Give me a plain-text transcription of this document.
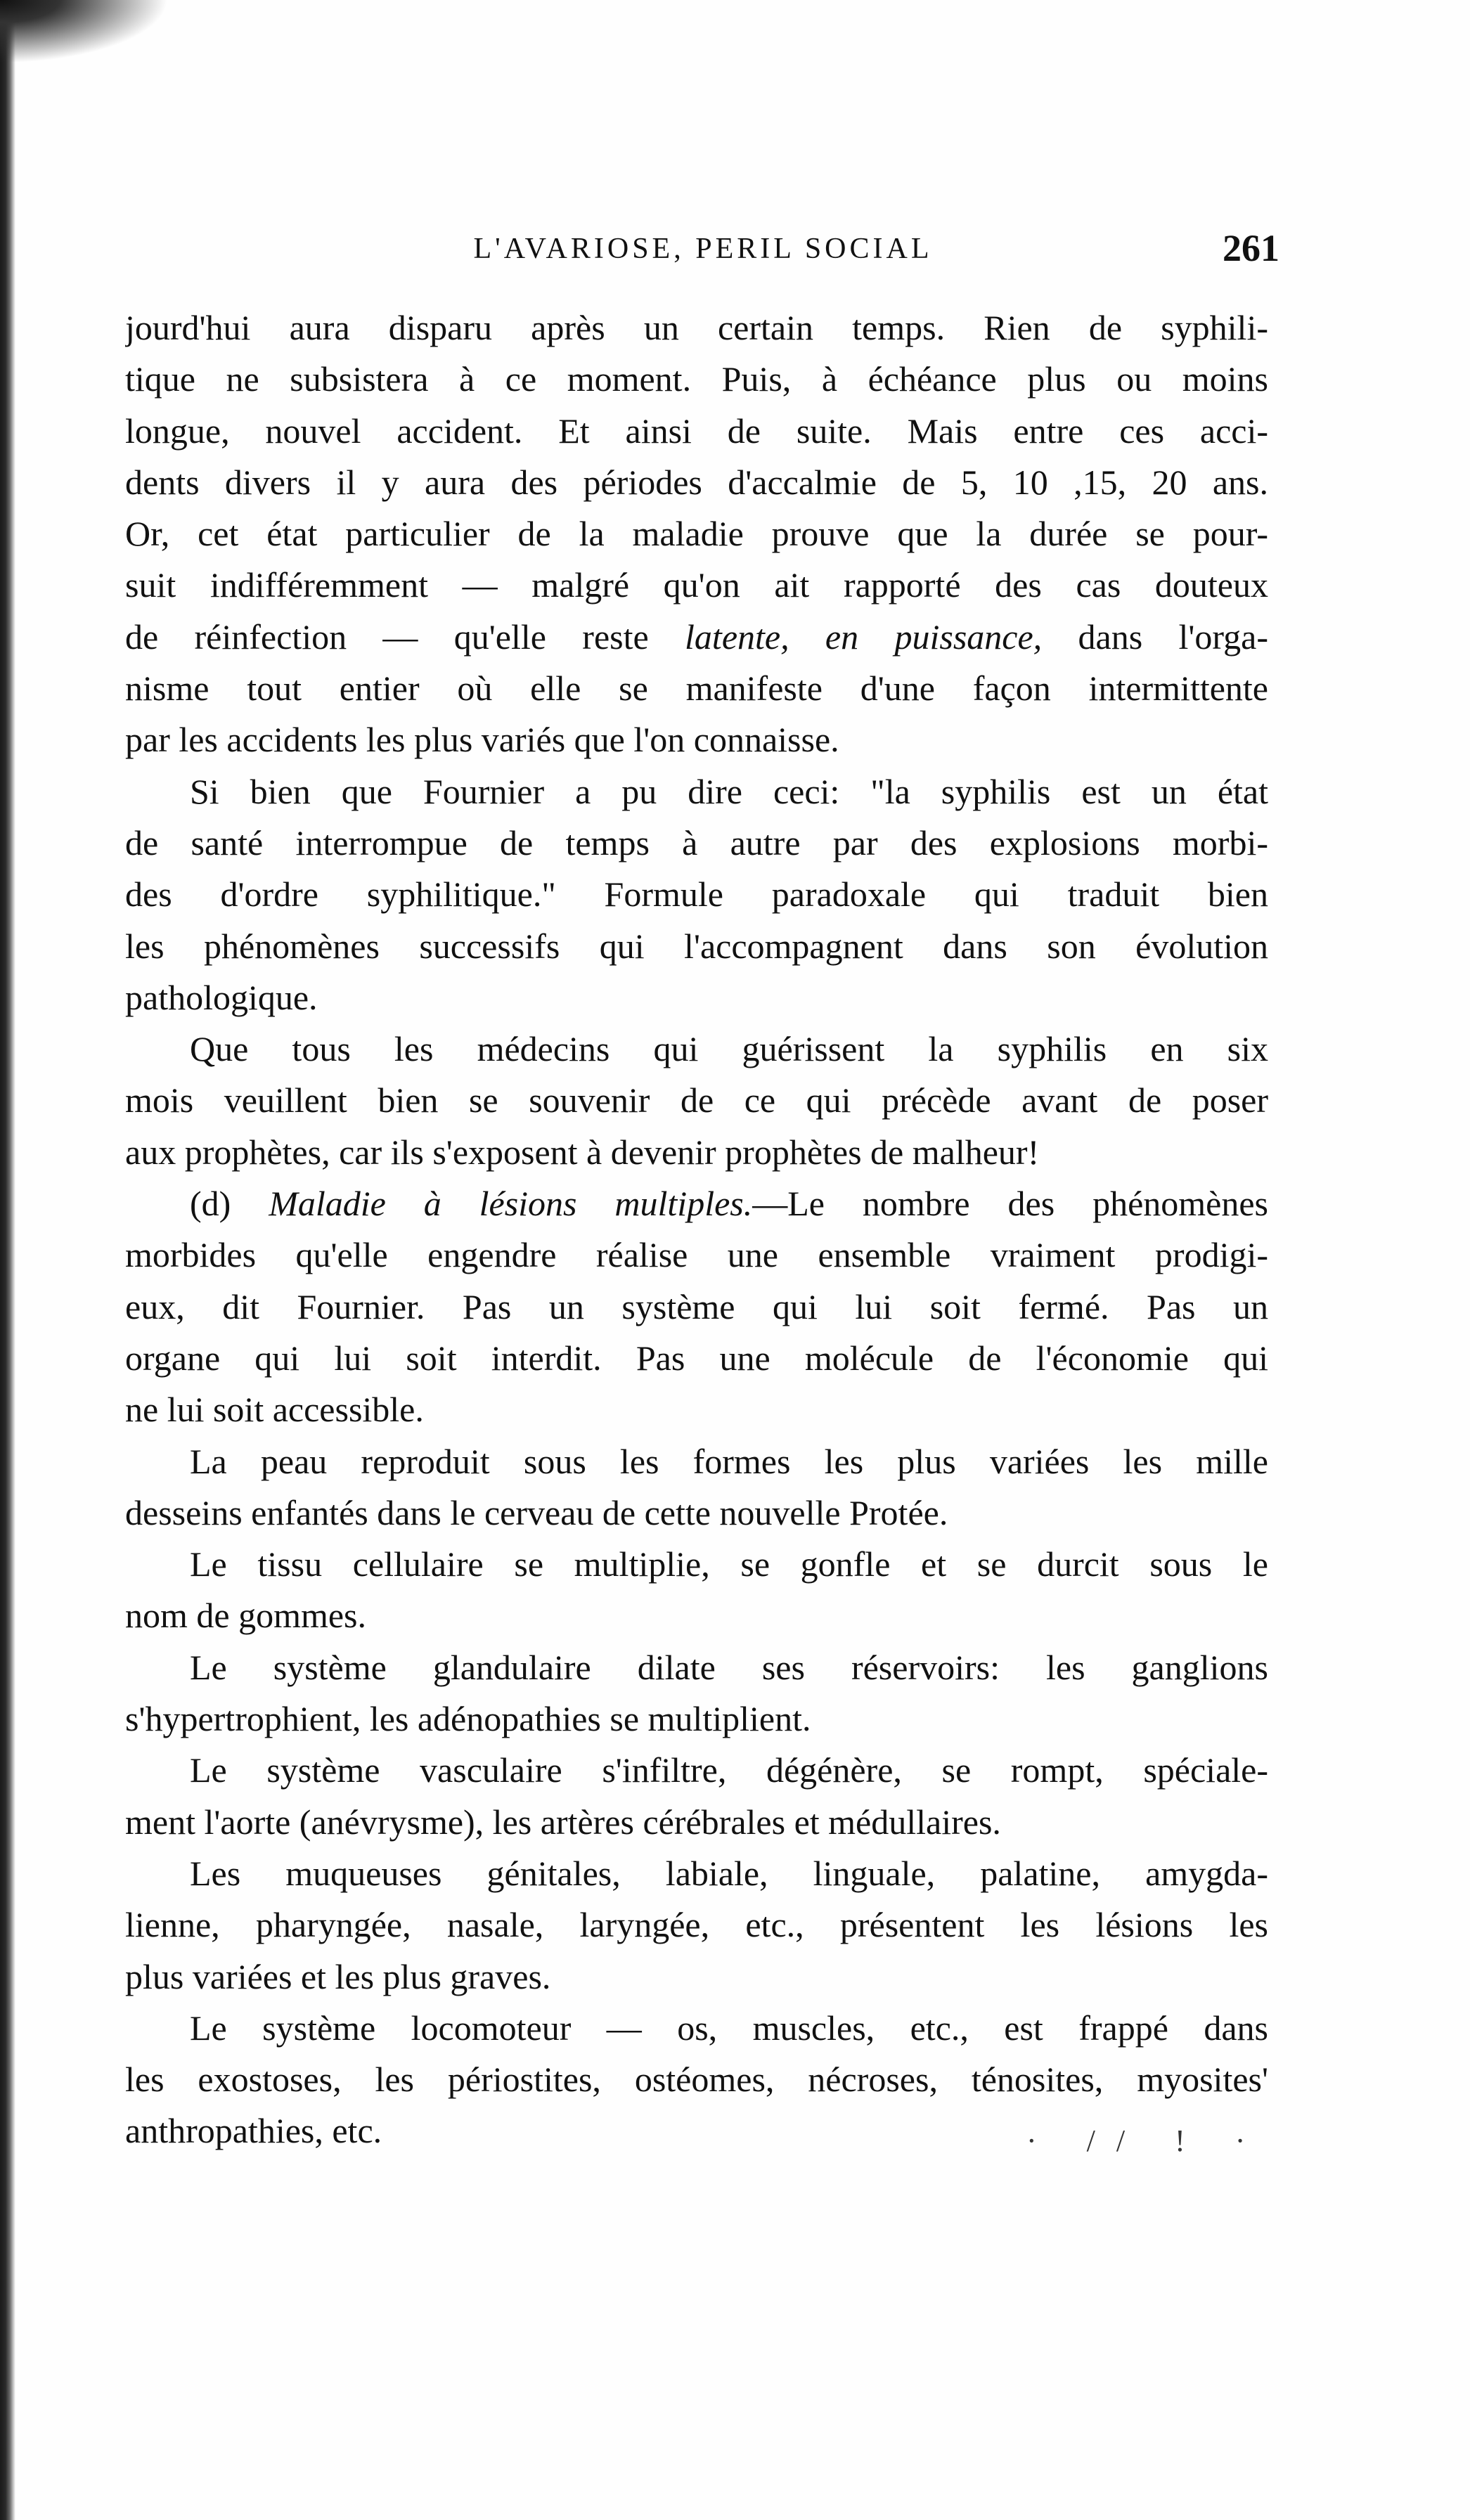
L'AVARIOSE, PERIL SOCIAL	261
jourd'hui aura disparu après un certain temps. Rien de syphili-
tique ne subsistera à ce moment. Puis, à échéance plus ou moins
longue, nouvel accident. Et ainsi de suite. Mais entre ces acci-
dents divers il y aura des périodes d'accalmie de 5, 10 ,15, 20 ans.
Or, cet état particulier de la maladie prouve que la durée se pour-
suit indifféremment — malgré qu'on ait rapporté des cas douteux
de réinfection — qu'elle reste latente, en puissance, dans l'orga-
nisme tout entier où elle se manifeste d'une façon intermittente
par les accidents les plus variés que l'on connaisse.
Si bien que Fournier a pu dire ceci: "la syphilis est un état
de santé interrompue de temps à autre par des explosions morbi-
des d'ordre syphilitique." Formule paradoxale qui traduit bien
les phénomènes successifs qui l'accompagnent dans son évolution
pathologique.
Que tous les médecins qui guérissent la syphilis en six
mois veuillent bien se souvenir de ce qui précède avant de poser
aux prophètes, car ils s'exposent à devenir prophètes de malheur!
(d) Maladie à lésions multiples.—Le nombre des phénomènes
morbides qu'elle engendre réalise une ensemble vraiment prodigi-
eux, dit Fournier. Pas un système qui lui soit fermé. Pas un
organe qui lui soit interdit. Pas une molécule de l'économie qui
ne lui soit accessible.
La peau reproduit sous les formes les plus variées les mille
desseins enfantés dans le cerveau de cette nouvelle Protée.
Le tissu cellulaire se multiplie, se gonfle et se durcit sous le
nom de gommes.
Le système glandulaire dilate ses réservoirs: les ganglions
s'hypertrophient, les adénopathies se multiplient.
Le système vasculaire s'infiltre, dégénère, se rompt, spéciale-
ment l'aorte (anévrysme), les artères cérébrales et médullaires.
Les muqueuses génitales, labiale, linguale, palatine, amygda-
lienne, pharyngée, nasale, laryngée, etc., présentent les lésions les
plus variées et les plus graves.
Le système locomoteur — os, muscles, etc., est frappé dans
les exostoses, les périostites, ostéomes, nécroses, ténosites, myosites'
anthropathies, etc.	· // ! ·
